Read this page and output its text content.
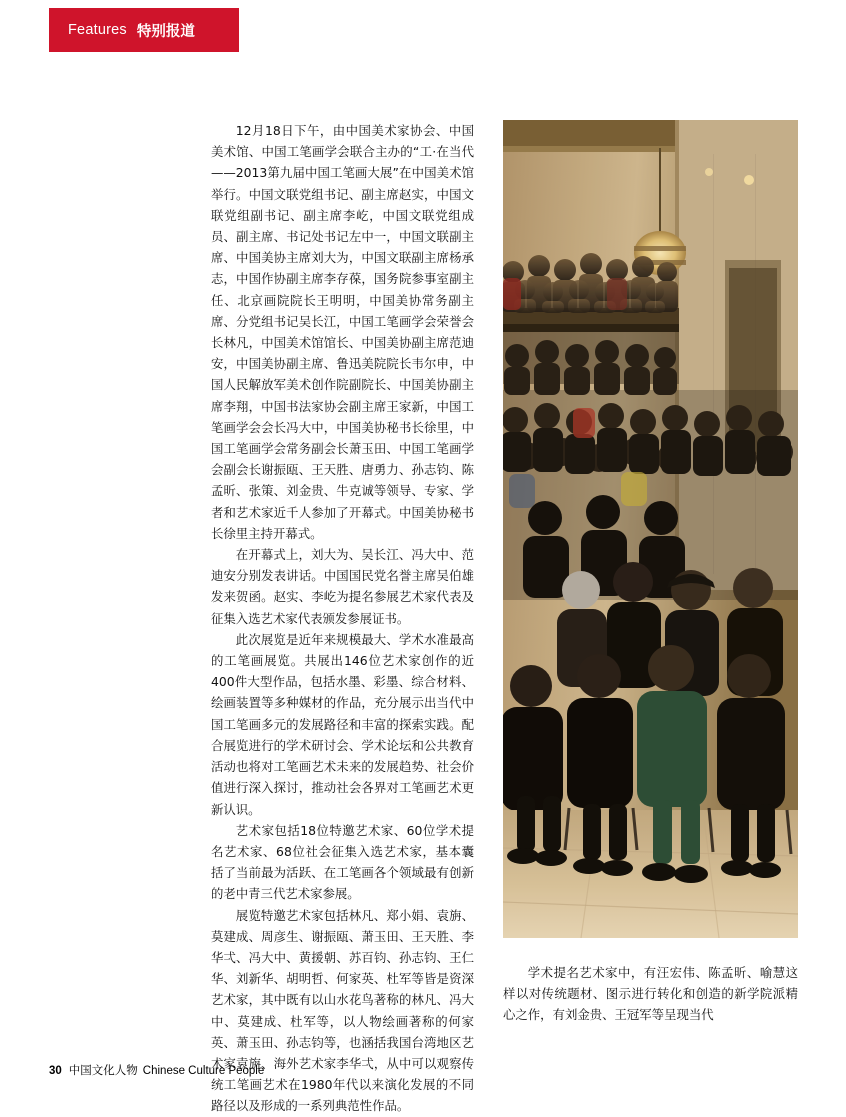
Features 特别报道

12月18日下午，由中国美术家协会、中国美术馆、中国工笔画学会联合主办的“工·在当代——2013第九届中国工笔画大展”在中国美术馆举行。中国文联党组书记、副主席赵实，中国文联党组副书记、副主席李屹，中国文联党组成员、副主席、书记处书记左中一，中国文联副主席、中国美协主席刘大为，中国文联副主席杨承志，中国作协副主席李存葆，国务院参事室副主任、北京画院院长王明明，中国美协常务副主席、分党组书记吴长江，中国工笔画学会荣誉会长林凡，中国美术馆馆长、中国美协副主席范迪安，中国美协副主席、鲁迅美院院长韦尔申，中国人民解放军美术创作院副院长、中国美协副主席李翔，中国书法家协会副主席王家新，中国工笔画学会会长冯大中，中国美协秘书长徐里，中国工笔画学会常务副会长萧玉田、中国工笔画学会副会长谢振瓯、王天胜、唐勇力、孙志钧、陈孟昕、张策、刘金贵、牛克诚等领导、专家、学者和艺术家近千人参加了开幕式。中国美协秘书长徐里主持开幕式。

在开幕式上，刘大为、吴长江、冯大中、范迪安分别发表讲话。中国国民党名誉主席吴伯雄发来贺函。赵实、李屹为提名参展艺术家代表及征集入选艺术家代表颁发参展证书。

此次展览是近年来规模最大、学术水准最高的工笔画展览。共展出146位艺术家创作的近400件大型作品，包括水墨、彩墨、综合材料、绘画装置等多种媒材的作品，充分展示出当代中国工笔画多元的发展路径和丰富的探索实践。配合展览进行的学术研讨会、学术论坛和公共教育活动也将对工笔画艺术未来的发展趋势、社会价值进行深入探讨，推动社会各界对工笔画艺术更新认识。

艺术家包括18位特邀艺术家、60位学术提名艺术家、68位社会征集入选艺术家，基本囊括了当前最为活跃、在工笔画各个领域最有创新的老中青三代艺术家参展。

展览特邀艺术家包括林凡、郑小娟、袁旃、莫建成、周彦生、谢振瓯、萧玉田、王天胜、李华弌、冯大中、黄援朝、苏百钧、孙志钧、王仁华、刘新华、胡明哲、何家英、杜军等皆是资深艺术家，其中既有以山水花鸟著称的林凡、冯大中、莫建成、杜军等，以人物绘画著称的何家英、萧玉田、孙志钧等，也涵括我国台湾地区艺术家袁旃、海外艺术家李华弌，从中可以观察传统工笔画艺术在1980年代以来演化发展的不同路径以及形成的一系列典范性作品。

学术提名艺术家中，有汪宏伟、陈孟昕、喻慧这样以对传统题材、图示进行转化和创造的新学院派精心之作，有刘金贵、王冠军等呈现当代

30 中国文化人物 Chinese Culture People
